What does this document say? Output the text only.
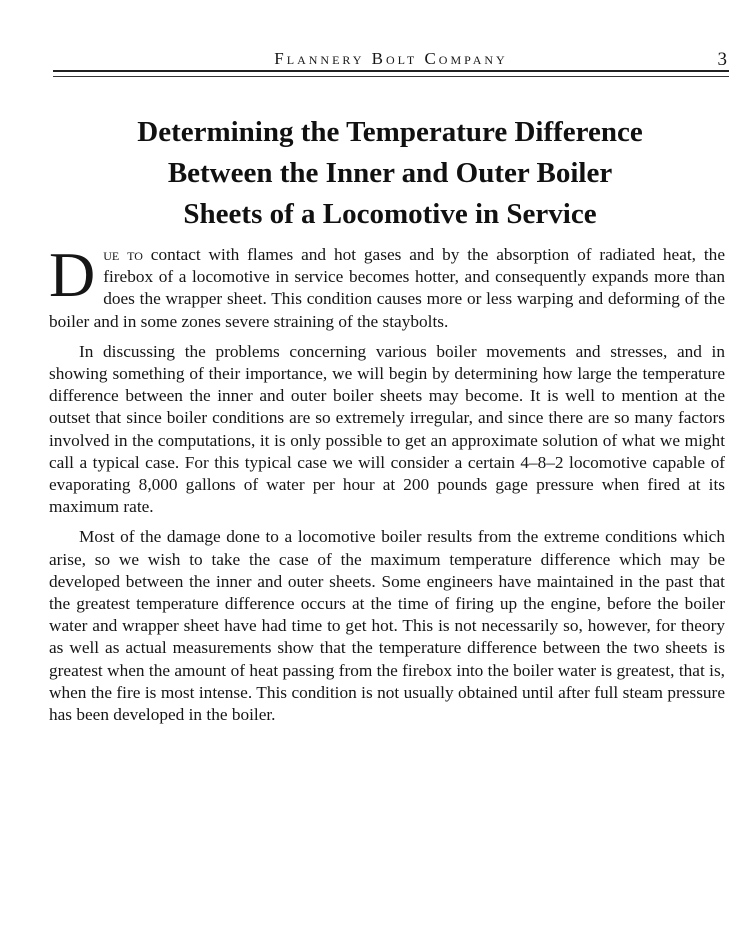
Flannery Bolt Company	3
Determining the Temperature Difference
Between the Inner and Outer Boiler
Sheets of a Locomotive in Service

Due to contact with flames and hot gases and by the absorption of radiated heat, the firebox of a locomotive in service becomes hotter, and consequently expands more than does the wrapper sheet. This condition causes more or less warping and deforming of the boiler and in some zones severe straining of the staybolts.

In discussing the problems concerning various boiler movements and stresses, and in showing something of their importance, we will begin by determining how large the temperature difference between the inner and outer boiler sheets may become. It is well to mention at the outset that since boiler conditions are so extremely irregular, and since there are so many factors involved in the computations, it is only possible to get an approximate solution of what we might call a typical case. For this typical case we will consider a certain 4–8–2 locomotive capable of evaporating 8,000 gallons of water per hour at 200 pounds gage pressure when fired at its maximum rate.

Most of the damage done to a locomotive boiler results from the extreme conditions which arise, so we wish to take the case of the maximum temperature difference which may be developed between the inner and outer sheets. Some engineers have maintained in the past that the greatest temperature difference occurs at the time of firing up the engine, before the boiler water and wrapper sheet have had time to get hot. This is not necessarily so, however, for theory as well as actual measurements show that the temperature difference between the two sheets is greatest when the amount of heat passing from the firebox into the boiler water is greatest, that is, when the fire is most intense. This condition is not usually obtained until after full steam pressure has been developed in the boiler.
